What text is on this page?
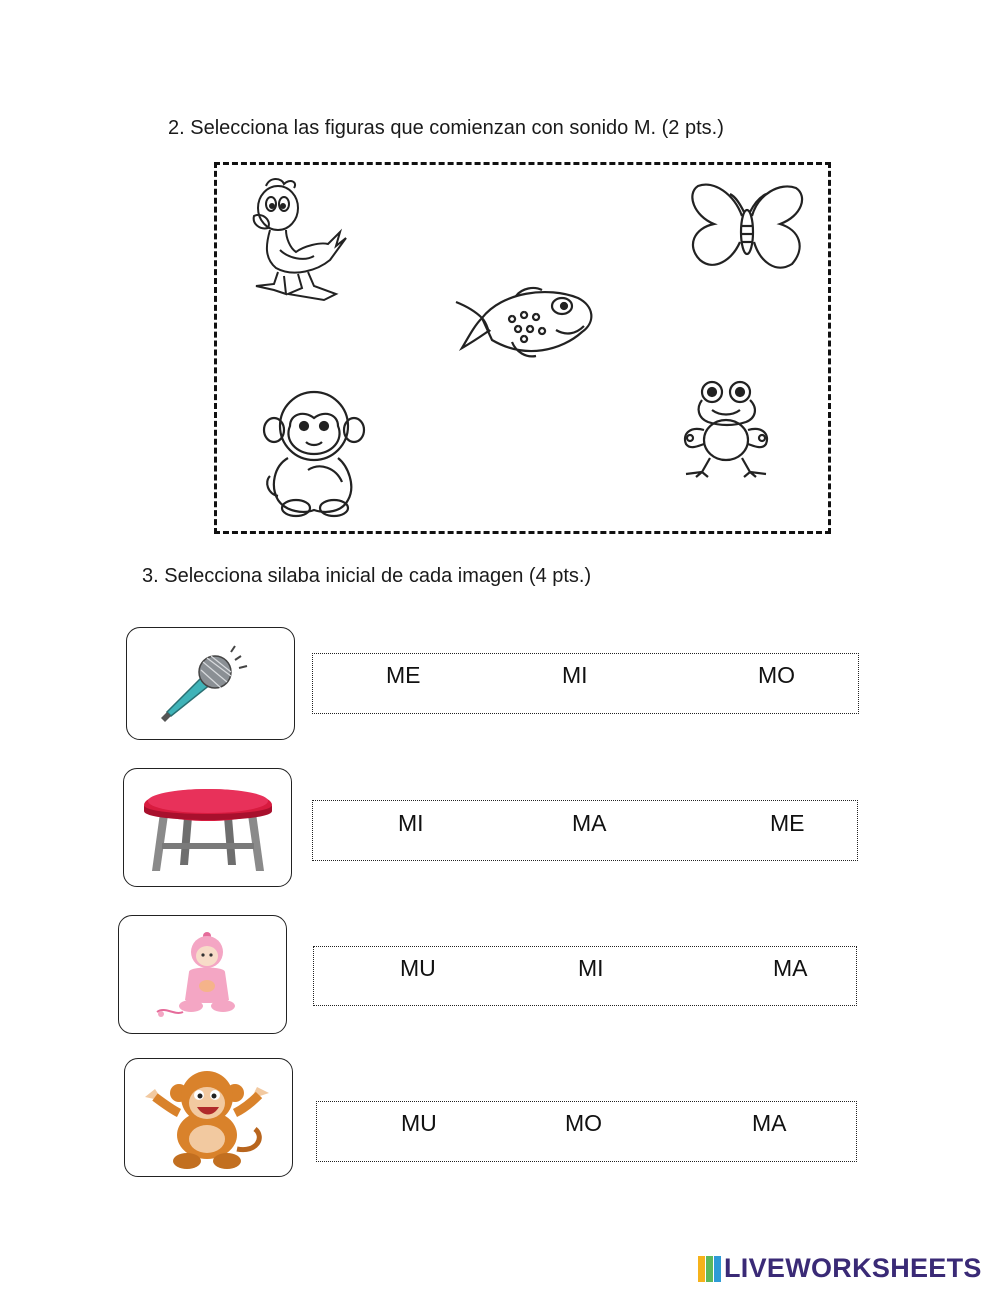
2. Selecciona las figuras que comienzan con sonido M. (2 pts.)
3. Selecciona silaba inicial de cada imagen (4 pts.)
ME	MI	MO
MI	MA	ME
MU	MI	MA
MU	MO	MA
LIVEWORKSHEETS
